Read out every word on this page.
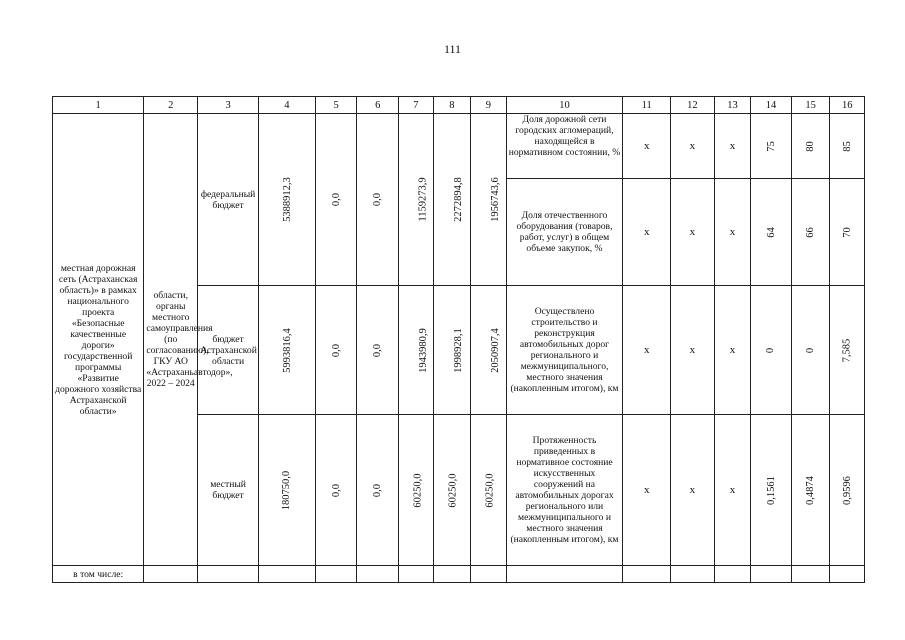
111
1	2	3	4	5	6	7	8	9	10	11	12	13	14	15	16
местная дорожная сеть (Астраханская область)» в рамках национального проекта «Безопасные качественные дороги» государственной программы «Развитие дорожного хозяйства Астраханской области»	области, органы местного самоуправления (по согласованию), ГКУ АО «Астраханьавтодор», 2022 – 2024	федеральный бюджет	5388912,3	0,0	0,0	1159273,9	2272894,8	1956743,6	Доля дорожной сети городских агломераций, находящейся в нормативном состоянии, %	x	x	x	75	80	85
									Доля отечественного оборудования (товаров, работ, услуг) в общем объеме закупок, %	x	x	x	64	66	70
		бюджет Астраханской области	5993816,4	0,0	0,0	1943980,9	1998928,1	2050907,4	Осуществлено строительство и реконструкция автомобильных дорог регионального и межмуниципального, местного значения (накопленным итогом), км	x	x	x	0	0	7,585
		местный бюджет	180750,0	0,0	0,0	60250,0	60250,0	60250,0	Протяженность приведенных в нормативное состояние искусственных сооружений на автомобильных дорогах регионального или межмуниципального и местного значения (накопленным итогом), км	x	x	x	0,1561	0,4874	0,9596
в том числе:															
